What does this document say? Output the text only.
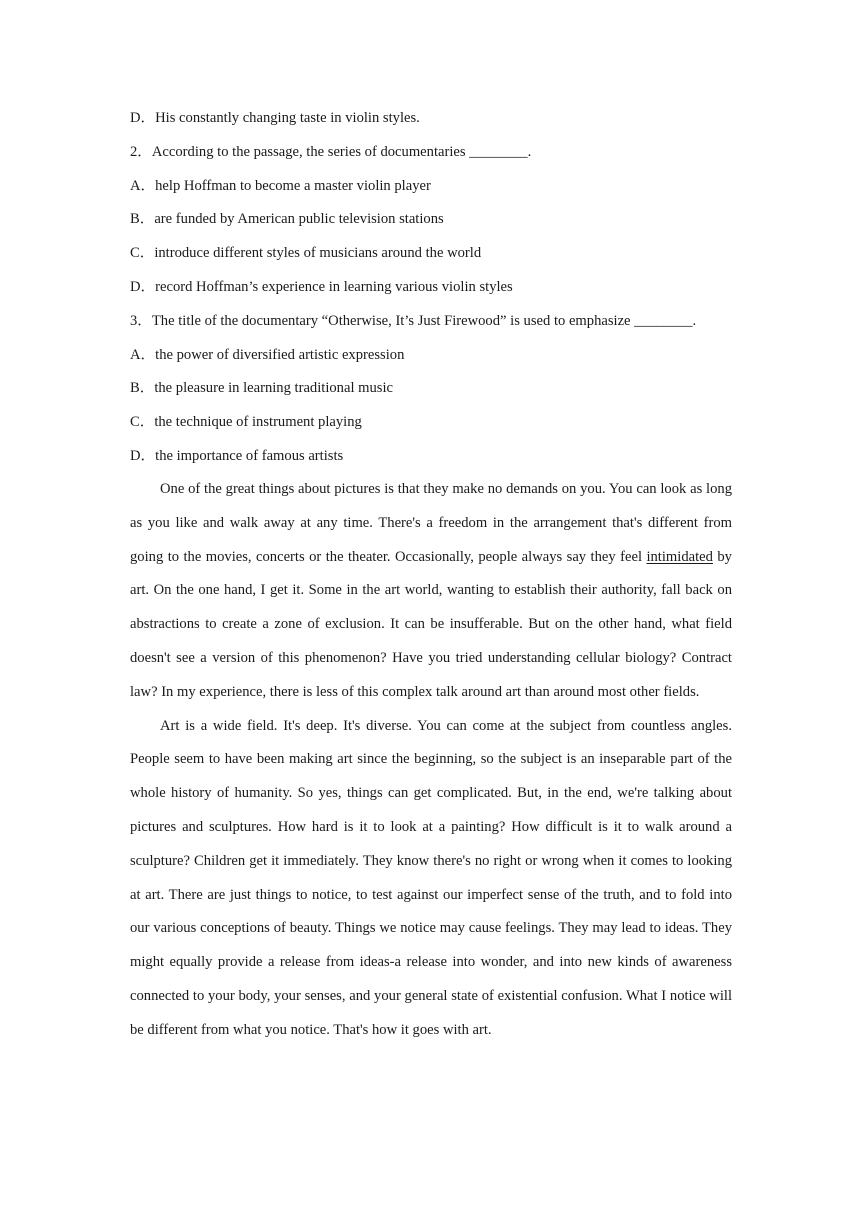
D．His constantly changing taste in violin styles.
2．According to the passage, the series of documentaries ________.
A．help Hoffman to become a master violin player
B．are funded by American public television stations
C．introduce different styles of musicians around the world
D．record Hoffman’s experience in learning various violin styles
3．The title of the documentary “Otherwise, It’s Just Firewood” is used to emphasize ________.
A．the power of diversified artistic expression
B．the pleasure in learning traditional music
C．the technique of instrument playing
D．the importance of famous artists

One of the great things about pictures is that they make no demands on you. You can look as long as you like and walk away at any time. There's a freedom in the arrangement that's different from going to the movies, concerts or the theater. Occasionally, people always say they feel intimidated by art. On the one hand, I get it. Some in the art world, wanting to establish their authority, fall back on abstractions to create a zone of exclusion. It can be insufferable. But on the other hand, what field doesn't see a version of this phenomenon? Have you tried understanding cellular biology? Contract law? In my experience, there is less of this complex talk around art than around most other fields.

Art is a wide field. It's deep. It's diverse. You can come at the subject from countless angles. People seem to have been making art since the beginning, so the subject is an inseparable part of the whole history of humanity. So yes, things can get complicated. But, in the end, we're talking about pictures and sculptures. How hard is it to look at a painting? How difficult is it to walk around a sculpture? Children get it immediately. They know there's no right or wrong when it comes to looking at art. There are just things to notice, to test against our imperfect sense of the truth, and to fold into our various conceptions of beauty. Things we notice may cause feelings. They may lead to ideas. They might equally provide a release from ideas-a release into wonder, and into new kinds of awareness connected to your body, your senses, and your general state of existential confusion. What I notice will be different from what you notice. That's how it goes with art.
